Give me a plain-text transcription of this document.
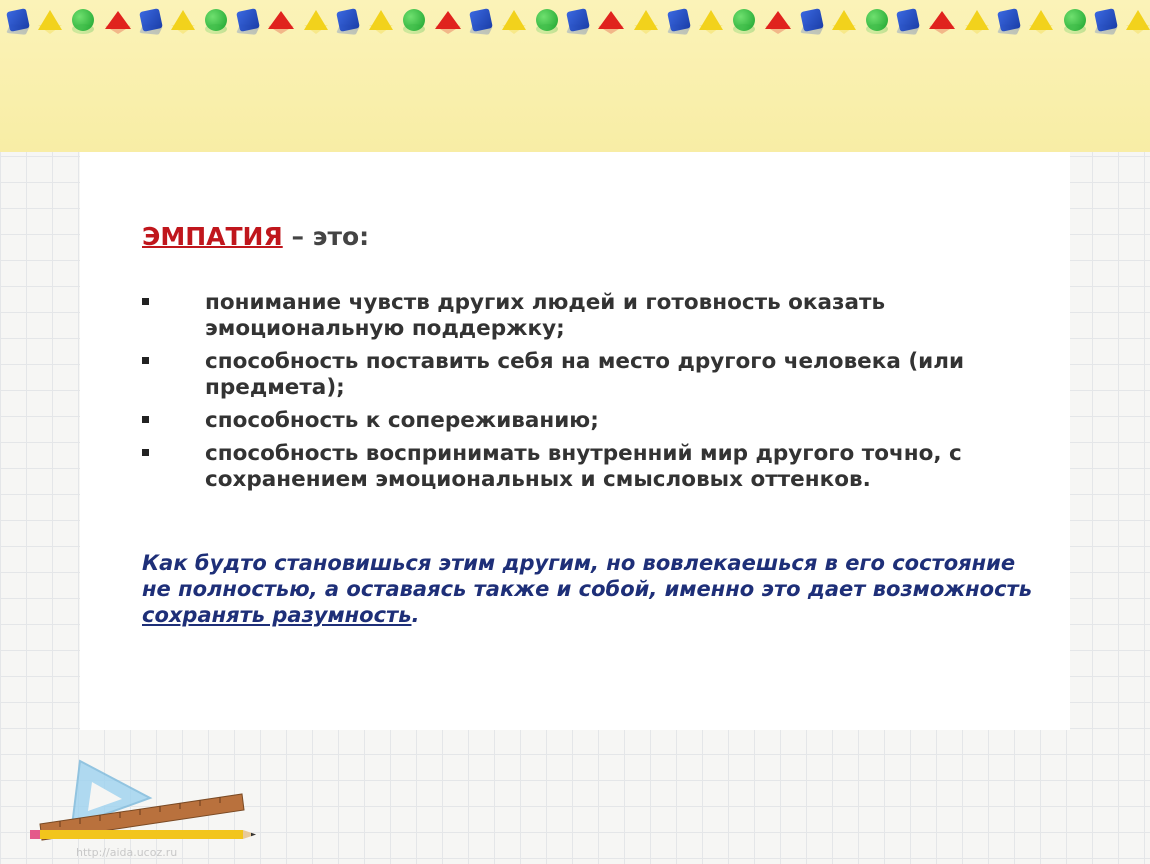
ЭМПАТИЯ – это:
понимание чувств других людей и готовность оказать эмоциональную поддержку;
способность поставить себя на место другого человека (или предмета);
способность к сопереживанию;
способность воспринимать внутренний мир другого точно, с сохранением эмоциональных и смысловых оттенков.

Как будто становишься этим другим, но вовлекаешься в его состояние не полностью, а оставаясь также и собой, именно это дает возможность сохранять разумность.

http://aida.ucoz.ru
